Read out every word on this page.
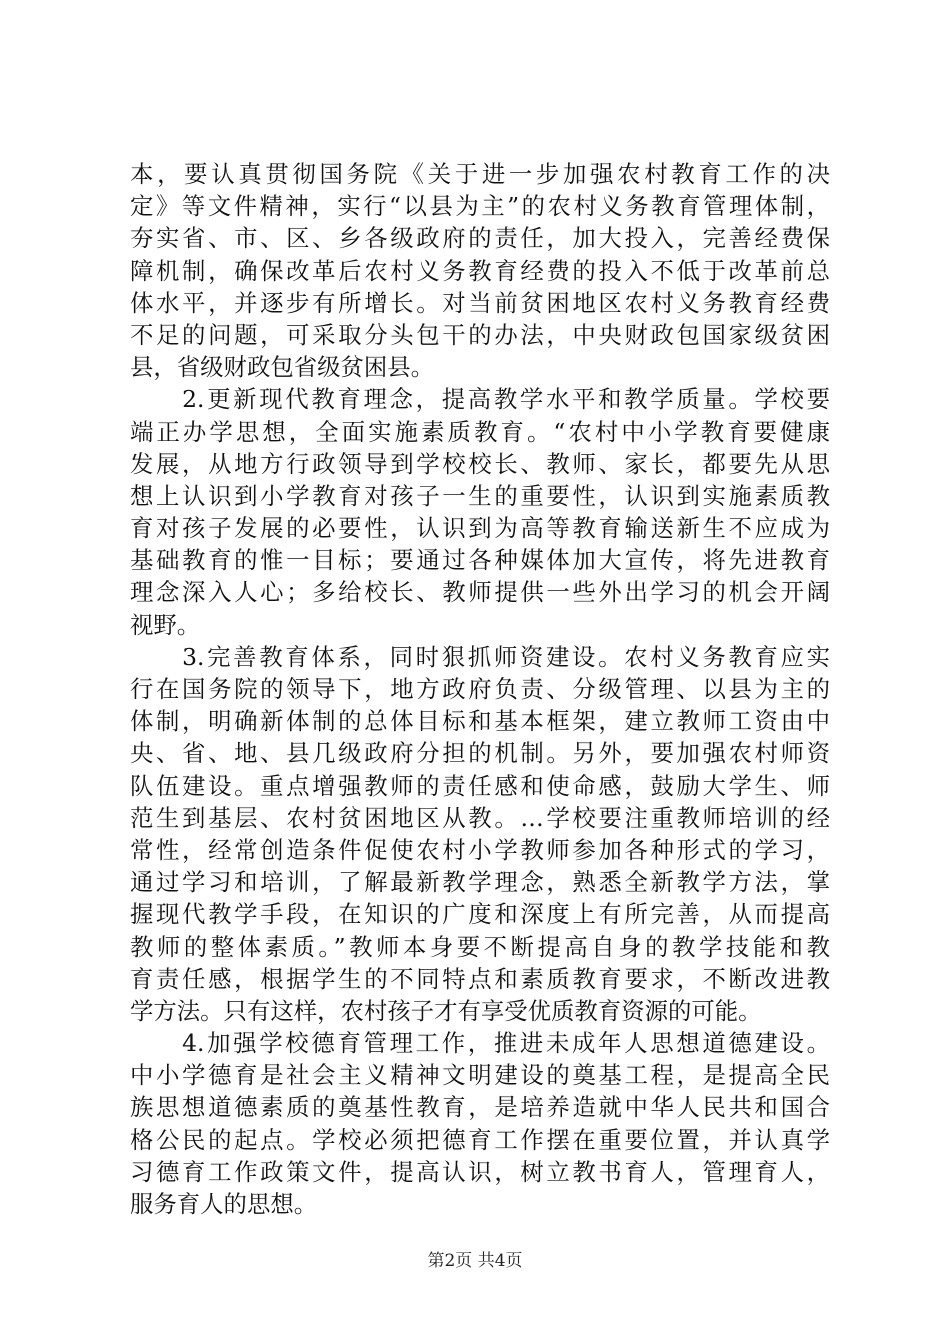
本，要认真贯彻国务院《关于进一步加强农村教育工作的决
定》等文件精神，实行“以县为主”的农村义务教育管理体制，
夯实省、市、区、乡各级政府的责任，加大投入，完善经费保
障机制，确保改革后农村义务教育经费的投入不低于改革前总
体水平，并逐步有所增长。对当前贫困地区农村义务教育经费
不足的问题，可采取分头包干的办法，中央财政包国家级贫困
县，省级财政包省级贫困县。
　　2.更新现代教育理念，提高教学水平和教学质量。学校要
端正办学思想，全面实施素质教育。“农村中小学教育要健康
发展，从地方行政领导到学校校长、教师、家长，都要先从思
想上认识到小学教育对孩子一生的重要性，认识到实施素质教
育对孩子发展的必要性，认识到为高等教育输送新生不应成为
基础教育的惟一目标；要通过各种媒体加大宣传，将先进教育
理念深入人心；多给校长、教师提供一些外出学习的机会开阔
视野。
　　3.完善教育体系，同时狠抓师资建设。农村义务教育应实
行在国务院的领导下，地方政府负责、分级管理、以县为主的
体制，明确新体制的总体目标和基本框架，建立教师工资由中
央、省、地、县几级政府分担的机制。另外，要加强农村师资
队伍建设。重点增强教师的责任感和使命感，鼓励大学生、师
范生到基层、农村贫困地区从教。…学校要注重教师培训的经
常性，经常创造条件促使农村小学教师参加各种形式的学习，
通过学习和培训，了解最新教学理念，熟悉全新教学方法，掌
握现代教学手段，在知识的广度和深度上有所完善，从而提高
教师的整体素质。”教师本身要不断提高自身的教学技能和教
育责任感，根据学生的不同特点和素质教育要求，不断改进教
学方法。只有这样，农村孩子才有享受优质教育资源的可能。
　　4.加强学校德育管理工作，推进未成年人思想道德建设。
中小学德育是社会主义精神文明建设的奠基工程，是提高全民
族思想道德素质的奠基性教育，是培养造就中华人民共和国合
格公民的起点。学校必须把德育工作摆在重要位置，并认真学
习德育工作政策文件，提高认识，树立教书育人，管理育人，
服务育人的思想。
第2页 共4页
